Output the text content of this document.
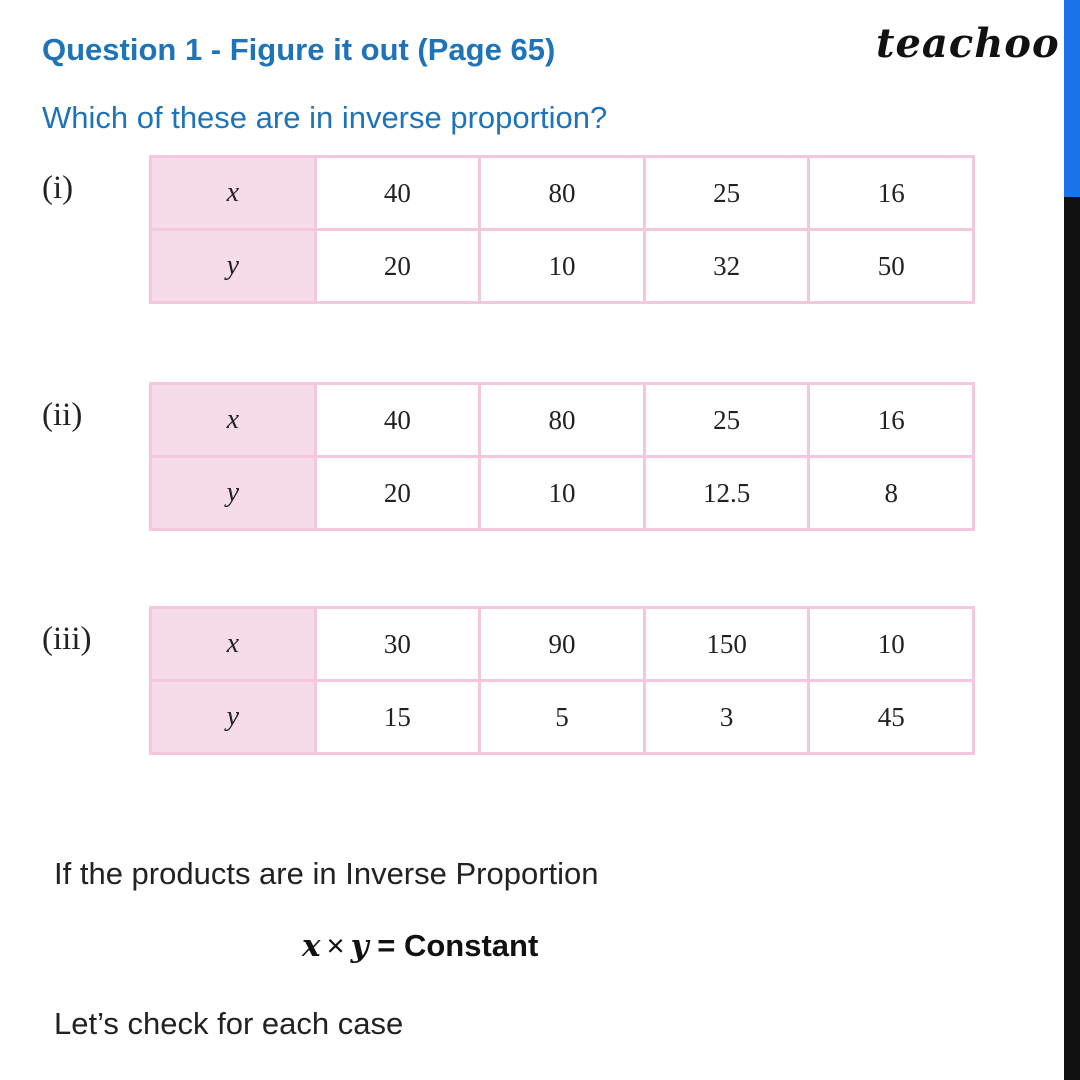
Question 1 - Figure it out (Page 65)	teachoo
Which of these are in inverse proportion?
(i)	x	40	80	25	16
y	20	10	32	50
(ii)	x	40	80	25	16
y	20	10	12.5	8
(iii)	x	30	90	150	10
y	15	5	3	45
If the products are in Inverse Proportion
x × y = Constant
Let’s check for each case
